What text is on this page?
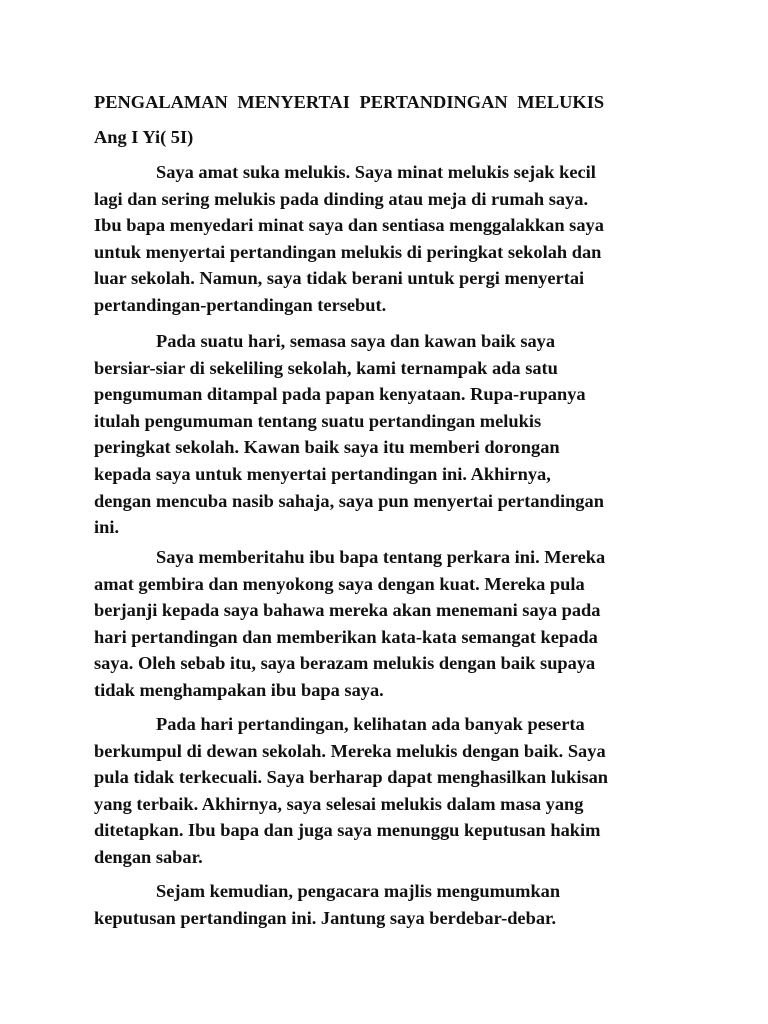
PENGALAMAN MENYERTAI PERTANDINGAN MELUKIS

Ang I Yi( 5I)

Saya amat suka melukis. Saya minat melukis sejak kecil
lagi dan sering melukis pada dinding atau meja di rumah saya.
Ibu bapa menyedari minat saya dan sentiasa menggalakkan saya
untuk menyertai pertandingan melukis di peringkat sekolah dan
luar sekolah. Namun, saya tidak berani untuk pergi menyertai
pertandingan-pertandingan tersebut.

Pada suatu hari, semasa saya dan kawan baik saya
bersiar-siar di sekeliling sekolah, kami ternampak ada satu
pengumuman ditampal pada papan kenyataan. Rupa-rupanya
itulah pengumuman tentang suatu pertandingan melukis
peringkat sekolah. Kawan baik saya itu memberi dorongan
kepada saya untuk menyertai pertandingan ini. Akhirnya,
dengan mencuba nasib sahaja, saya pun menyertai pertandingan
ini.

Saya memberitahu ibu bapa tentang perkara ini. Mereka
amat gembira dan menyokong saya dengan kuat. Mereka pula
berjanji kepada saya bahawa mereka akan menemani saya pada
hari pertandingan dan memberikan kata-kata semangat kepada
saya. Oleh sebab itu, saya berazam melukis dengan baik supaya
tidak menghampakan ibu bapa saya.

Pada hari pertandingan, kelihatan ada banyak peserta
berkumpul di dewan sekolah. Mereka melukis dengan baik. Saya
pula tidak terkecuali. Saya berharap dapat menghasilkan lukisan
yang terbaik. Akhirnya, saya selesai melukis dalam masa yang
ditetapkan. Ibu bapa dan juga saya menunggu keputusan hakim
dengan sabar.

Sejam kemudian, pengacara majlis mengumumkan
keputusan pertandingan ini. Jantung saya berdebar-debar.
